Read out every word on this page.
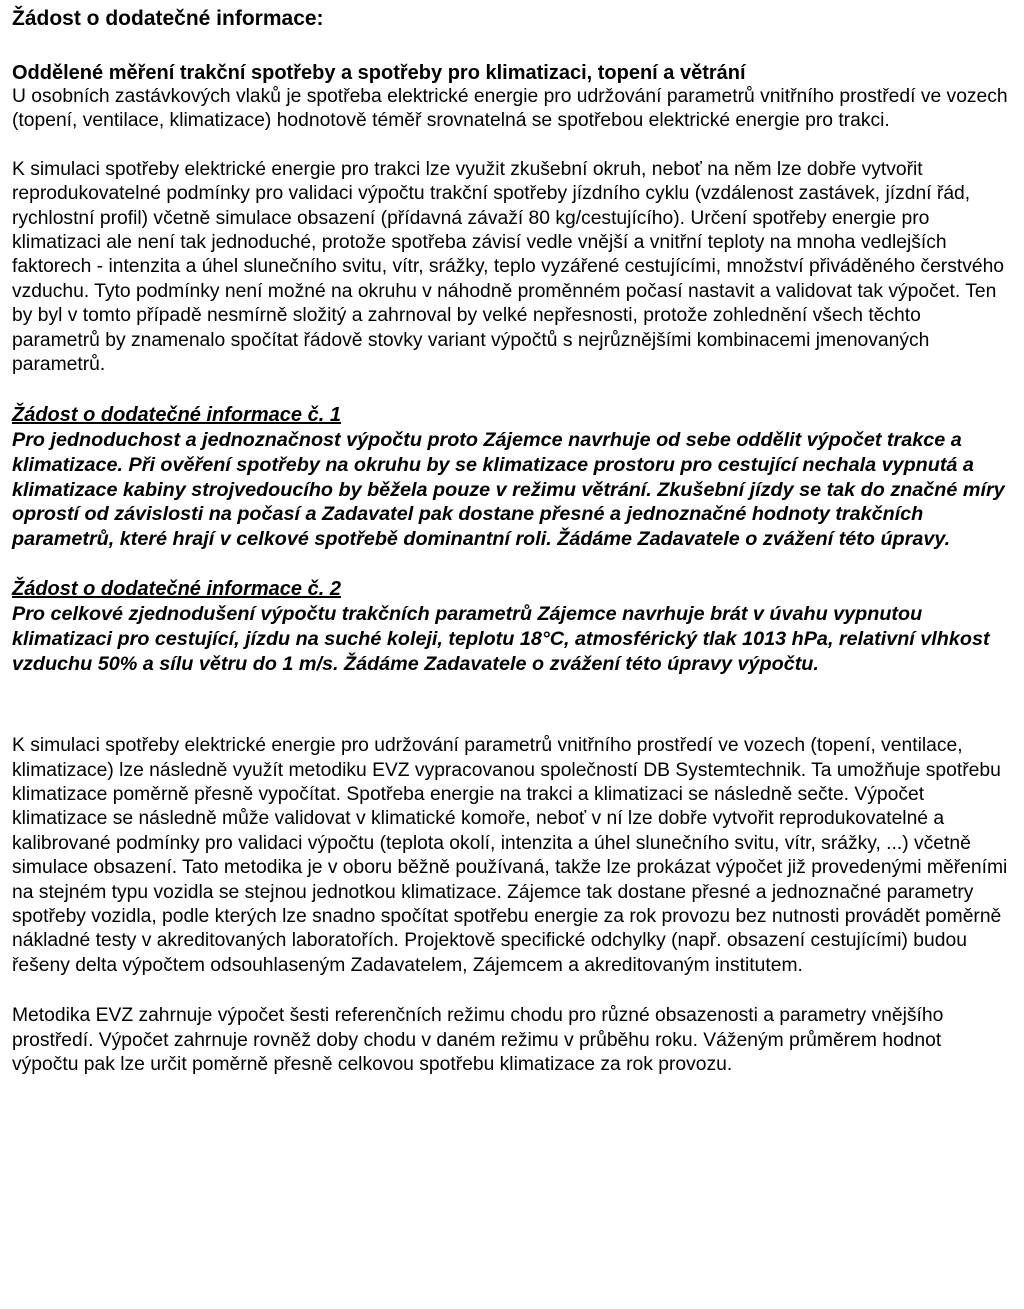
Žádost o dodatečné informace:
Oddělené měření trakční spotřeby a spotřeby pro klimatizaci, topení a větrání

U osobních zastávkových vlaků je spotřeba elektrické energie pro udržování parametrů vnitřního prostředí ve vozech (topení, ventilace, klimatizace) hodnotově téměř srovnatelná se spotřebou elektrické energie pro trakci.

K simulaci spotřeby elektrické energie pro trakci lze využit zkušební okruh, neboť na něm lze dobře vytvořit reprodukovatelné podmínky pro validaci výpočtu trakční spotřeby jízdního cyklu (vzdálenost zastávek, jízdní řád, rychlostní profil) včetně simulace obsazení (přídavná závaží 80 kg/cestujícího). Určení spotřeby energie pro klimatizaci ale není tak jednoduché, protože spotřeba závisí vedle vnější a vnitřní teploty na mnoha vedlejších faktorech - intenzita a úhel slunečního svitu, vítr, srážky, teplo vyzářené cestujícími, množství přiváděného čerstvého vzduchu. Tyto podmínky není možné na okruhu v náhodně proměnném počasí nastavit a validovat tak výpočet. Ten by byl v tomto případě nesmírně složitý a zahrnoval by velké nepřesnosti, protože zohlednění všech těchto parametrů by znamenalo spočítat řádově stovky variant výpočtů s nejrůznějšími kombinacemi jmenovaných parametrů.

Žádost o dodatečné informace č. 1

Pro jednoduchost a jednoznačnost výpočtu proto Zájemce navrhuje od sebe oddělit výpočet trakce a klimatizace. Při ověření spotřeby na okruhu by se klimatizace prostoru pro cestující nechala vypnutá a klimatizace kabiny strojvedoucího by běžela pouze v režimu větrání. Zkušební jízdy se tak do značné míry oprostí od závislosti na počasí a Zadavatel pak dostane přesné a jednoznačné hodnoty trakčních parametrů, které hrají v celkové spotřebě dominantní roli. Žádáme Zadavatele o zvážení této úpravy.

Žádost o dodatečné informace č. 2

Pro celkové zjednodušení výpočtu trakčních parametrů Zájemce navrhuje brát v úvahu vypnutou klimatizaci pro cestující, jízdu na suché koleji, teplotu 18°C, atmosférický tlak 1013 hPa, relativní vlhkost vzduchu 50% a sílu větru do 1 m/s. Žádáme Zadavatele o zvážení této úpravy výpočtu.

K simulaci spotřeby elektrické energie pro udržování parametrů vnitřního prostředí ve vozech (topení, ventilace, klimatizace) lze následně využít metodiku EVZ vypracovanou společností DB Systemtechnik. Ta umožňuje spotřebu klimatizace poměrně přesně vypočítat. Spotřeba energie na trakci a klimatizaci se následně sečte. Výpočet klimatizace se následně může validovat v klimatické komoře, neboť v ní lze dobře vytvořit reprodukovatelné a kalibrované podmínky pro validaci výpočtu (teplota okolí, intenzita a úhel slunečního svitu, vítr, srážky, ...) včetně simulace obsazení. Tato metodika je v oboru běžně používaná, takže lze prokázat výpočet již provedenými měřeními na stejném typu vozidla se stejnou jednotkou klimatizace. Zájemce tak dostane přesné a jednoznačné parametry spotřeby vozidla, podle kterých lze snadno spočítat spotřebu energie za rok provozu bez nutnosti provádět poměrně nákladné testy v akreditovaných laboratořích. Projektově specifické odchylky (např. obsazení cestujícími) budou řešeny delta výpočtem odsouhlaseným Zadavatelem, Zájemcem a akreditovaným institutem.

Metodika EVZ zahrnuje výpočet šesti referenčních režimu chodu pro různé obsazenosti a parametry vnějšího prostředí. Výpočet zahrnuje rovněž doby chodu v daném režimu v průběhu roku. Váženým průměrem hodnot výpočtu pak lze určit poměrně přesně celkovou spotřebu klimatizace za rok provozu.
